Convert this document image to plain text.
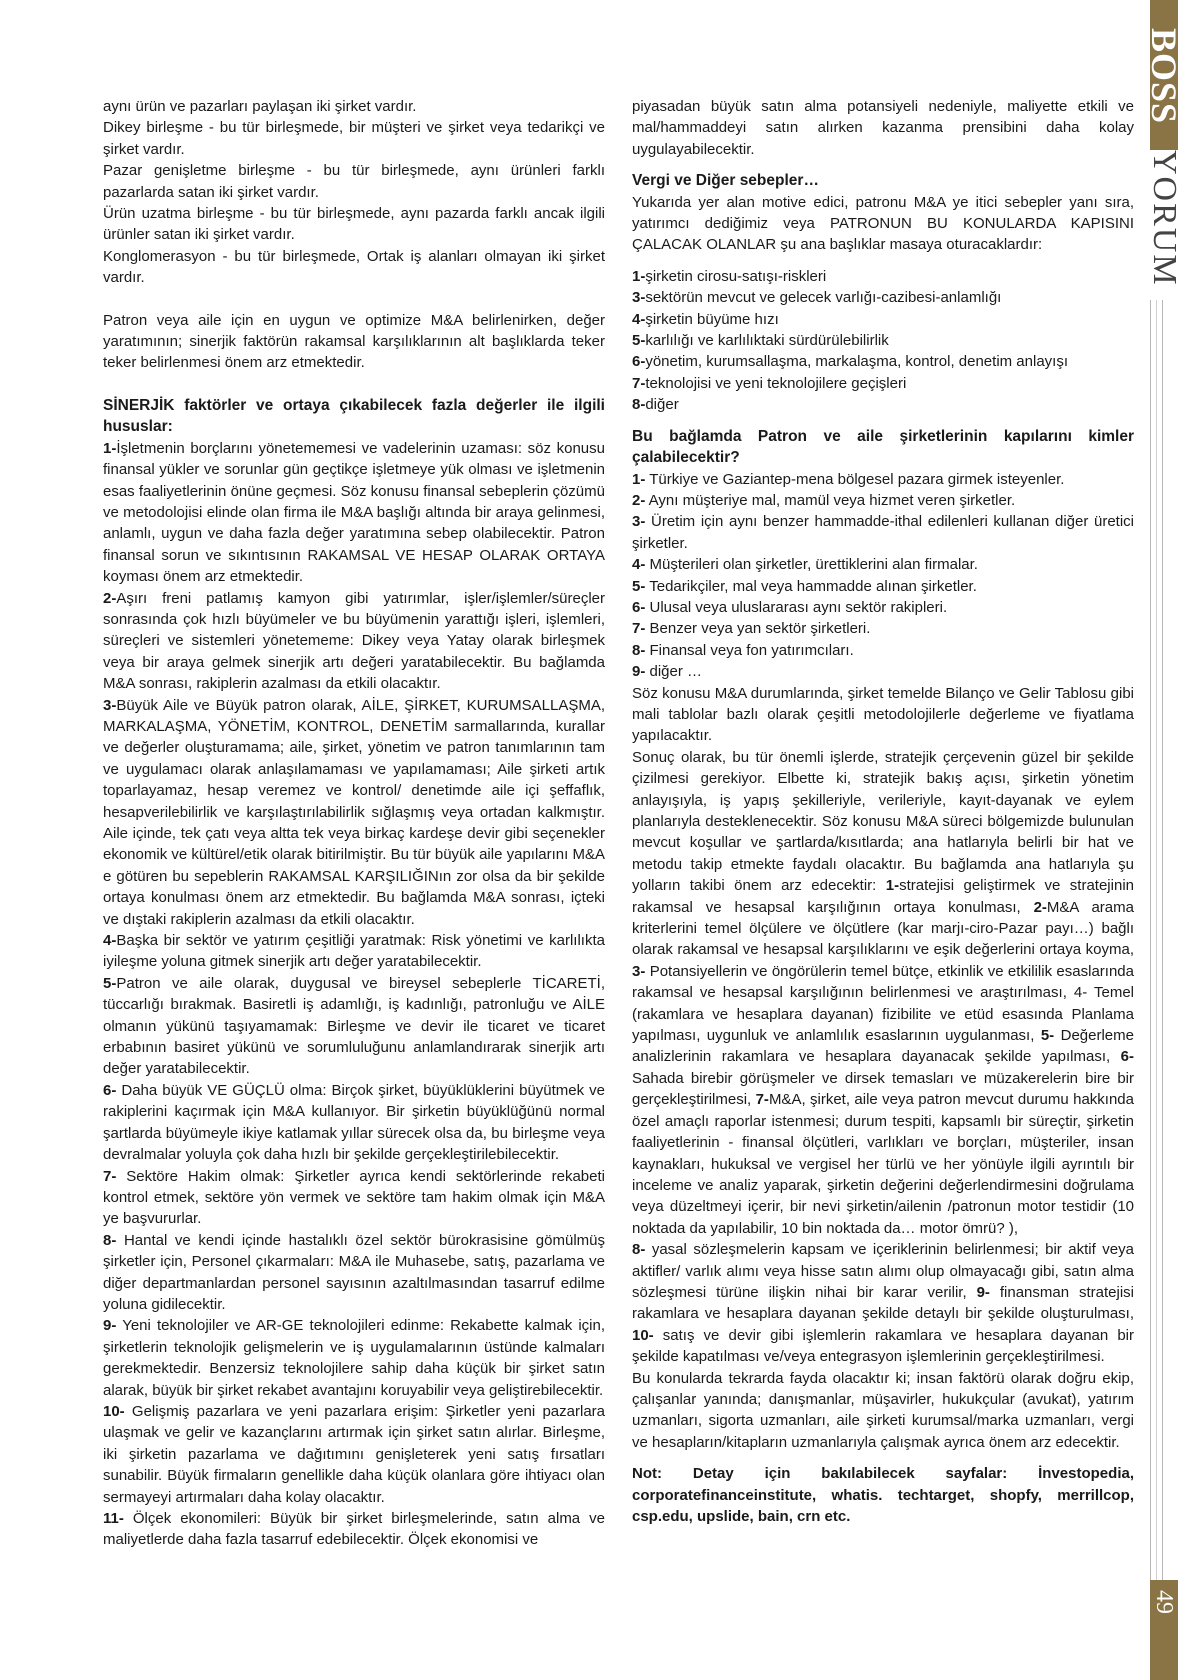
aynı ürün ve pazarları paylaşan iki şirket vardır.

Dikey birleşme - bu tür birleşmede, bir müşteri ve şirket veya tedarikçi ve şirket vardır.

Pazar genişletme birleşme - bu tür birleşmede, aynı ürünleri farklı pazarlarda satan iki şirket vardır.

Ürün uzatma birleşme - bu tür birleşmede, aynı pazarda farklı ancak ilgili ürünler satan iki şirket vardır.

Konglomerasyon - bu tür birleşmede, Ortak iş alanları olmayan iki şirket vardır.

Patron veya aile için en uygun ve optimize M&A belirlenirken, değer yaratımının; sinerjik faktörün rakamsal karşılıklarının alt başlıklarda teker teker belirlenmesi önem arz etmektedir.

SİNERJİK faktörler ve ortaya çıkabilecek fazla değerler ile ilgili hususlar:

1-İşletmenin borçlarını yönetememesi ve vadelerinin uzaması: söz konusu finansal yükler ve sorunlar gün geçtikçe işletmeye yük olması ve işletmenin esas faaliyetlerinin önüne geçmesi. Söz konusu finansal sebeplerin çözümü ve metodolojisi elinde olan firma ile M&A başlığı altında bir araya gelinmesi, anlamlı, uygun ve daha fazla değer yaratımına sebep olabilecektir. Patron finansal sorun ve sıkıntısının RAKAMSAL VE HESAP OLARAK ORTAYA koyması önem arz etmektedir.

2-Aşırı freni patlamış kamyon gibi yatırımlar, işler/işlemler/süreçler sonrasında çok hızlı büyümeler ve bu büyümenin yarattığı işleri, işlemleri, süreçleri ve sistemleri yönetememe: Dikey veya Yatay olarak birleşmek veya bir araya gelmek sinerjik artı değeri yaratabilecektir. Bu bağlamda M&A sonrası, rakiplerin azalması da etkili olacaktır.

3-Büyük Aile ve Büyük patron olarak, AİLE, ŞİRKET, KURUMSALLAŞMA, MARKALAŞMA, YÖNETİM, KONTROL, DENETİM sarmallarında, kurallar ve değerler oluşturamama; aile, şirket, yönetim ve patron tanımlarının tam ve uygulamacı olarak anlaşılamaması ve yapılamaması; Aile şirketi artık toparlayamaz, hesap veremez ve kontrol/ denetimde aile içi şeffaflık, hesapverilebilirlik ve karşılaştırılabilirlik sığlaşmış veya ortadan kalkmıştır. Aile içinde, tek çatı veya altta tek veya birkaç kardeşe devir gibi seçenekler ekonomik ve kültürel/etik olarak bitirilmiştir. Bu tür büyük aile yapılarını M&A e götüren bu sepeblerin RAKAMSAL KARŞILIĞINın zor olsa da bir şekilde ortaya konulması önem arz etmektedir. Bu bağlamda M&A sonrası, içteki ve dıştaki rakiplerin azalması da etkili olacaktır.

4-Başka bir sektör ve yatırım çeşitliği yaratmak: Risk yönetimi ve karlılıkta iyileşme yoluna gitmek sinerjik artı değer yaratabilecektir.

5-Patron ve aile olarak, duygusal ve bireysel sebeplerle TİCARETİ, tüccarlığı bırakmak. Basiretli iş adamlığı, iş kadınlığı, patronluğu ve AİLE olmanın yükünü taşıyamamak: Birleşme ve devir ile ticaret ve ticaret erbabının basiret yükünü ve sorumluluğunu anlamlandırarak sinerjik artı değer yaratabilecektir.

6- Daha büyük VE GÜÇLÜ olma: Birçok şirket, büyüklüklerini büyütmek ve rakiplerini kaçırmak için M&A kullanıyor. Bir şirketin büyüklüğünü normal şartlarda büyümeyle ikiye katlamak yıllar sürecek olsa da, bu birleşme veya devralmalar yoluyla çok daha hızlı bir şekilde gerçekleştirilebilecektir.

7- Sektöre Hakim olmak: Şirketler ayrıca kendi sektörlerinde rekabeti kontrol etmek, sektöre yön vermek ve sektöre tam hakim olmak için M&A ye başvururlar.

8- Hantal ve kendi içinde hastalıklı özel sektör bürokrasisine gömülmüş şirketler için, Personel çıkarmaları: M&A ile Muhasebe, satış, pazarlama ve diğer departmanlardan personel sayısının azaltılmasından tasarruf edilme yoluna gidilecektir.

9- Yeni teknolojiler ve AR-GE teknolojileri edinme: Rekabette kalmak için, şirketlerin teknolojik gelişmelerin ve iş uygulamalarının üstünde kalmaları gerekmektedir. Benzersiz teknolojilere sahip daha küçük bir şirket satın alarak, büyük bir şirket rekabet avantajını koruyabilir veya geliştirebilecektir.

10- Gelişmiş pazarlara ve yeni pazarlara erişim: Şirketler yeni pazarlara ulaşmak ve gelir ve kazançlarını artırmak için şirket satın alırlar. Birleşme, iki şirketin pazarlama ve dağıtımını genişleterek yeni satış fırsatları sunabilir. Büyük firmaların genellikle daha küçük olanlara göre ihtiyacı olan sermayeyi artırmaları daha kolay olacaktır.

11- Ölçek ekonomileri: Büyük bir şirket birleşmelerinde, satın alma ve maliyetlerde daha fazla tasarruf edebilecektir. Ölçek ekonomisi ve

piyasadan büyük satın alma potansiyeli nedeniyle, maliyette etkili ve mal/hammaddeyi satın alırken kazanma prensibini daha kolay uygulayabilecektir.

Vergi ve Diğer sebepler…

Yukarıda yer alan motive edici, patronu M&A ye itici sebepler yanı sıra, yatırımcı dediğimiz veya PATRONUN BU KONULARDA KAPISINI ÇALACAK OLANLAR şu ana başlıklar masaya oturacaklardır:

1-şirketin cirosu-satışı-riskleri

3-sektörün mevcut ve gelecek varlığı-cazibesi-anlamlığı

4-şirketin büyüme hızı

5-karlılığı ve karlılıktaki sürdürülebilirlik

6-yönetim, kurumsallaşma, markalaşma, kontrol, denetim anlayışı

7-teknolojisi ve yeni teknolojilere geçişleri

8-diğer

Bu bağlamda Patron ve aile şirketlerinin kapılarını kimler çalabilecektir?

1- Türkiye ve Gaziantep-mena bölgesel pazara girmek isteyenler.

2- Aynı müşteriye mal, mamül veya hizmet veren şirketler.

3- Üretim için aynı benzer hammadde-ithal edilenleri kullanan diğer üretici şirketler.

4- Müşterileri olan şirketler, ürettiklerini alan firmalar.

5- Tedarikçiler, mal veya hammadde alınan şirketler.

6- Ulusal veya uluslararası aynı sektör rakipleri.

7- Benzer veya yan sektör şirketleri.

8- Finansal veya fon yatırımcıları.

9- diğer …

Söz konusu M&A durumlarında, şirket temelde Bilanço ve Gelir Tablosu gibi mali tablolar bazlı olarak çeşitli metodolojilerle değerleme ve fiyatlama yapılacaktır.

Sonuç olarak, bu tür önemli işlerde, stratejik çerçevenin güzel bir şekilde çizilmesi gerekiyor. Elbette ki, stratejik bakış açısı, şirketin yönetim anlayışıyla, iş yapış şekilleriyle, verileriyle, kayıt-dayanak ve eylem planlarıyla desteklenecektir. Söz konusu M&A süreci bölgemizde bulunulan mevcut koşullar ve şartlarda/kısıtlarda; ana hatlarıyla belirli bir hat ve metodu takip etmekte faydalı olacaktır. Bu bağlamda ana hatlarıyla şu yolların takibi önem arz edecektir: 1-stratejisi geliştirmek ve stratejinin rakamsal ve hesapsal karşılığının ortaya konulması, 2-M&A arama kriterlerini temel ölçülere ve ölçütlere (kar marjı-ciro-Pazar payı…) bağlı olarak rakamsal ve hesapsal karşılıklarını ve eşik değerlerini ortaya koyma, 3- Potansiyellerin ve öngörülerin temel bütçe, etkinlik ve etkililik esaslarında rakamsal ve hesapsal karşılığının belirlenmesi ve araştırılması, 4- Temel (rakamlara ve hesaplara dayanan) fizibilite ve etüd esasında Planlama yapılması, uygunluk ve anlamlılık esaslarının uygulanması, 5- Değerleme analizlerinin rakamlara ve hesaplara dayanacak şekilde yapılması, 6- Sahada birebir görüşmeler ve dirsek temasları ve müzakerelerin bire bir gerçekleştirilmesi, 7-M&A, şirket, aile veya patron mevcut durumu hakkında özel amaçlı raporlar istenmesi; durum tespiti, kapsamlı bir süreçtir, şirketin faaliyetlerinin - finansal ölçütleri, varlıkları ve borçları, müşteriler, insan kaynakları, hukuksal ve vergisel her türlü ve her yönüyle ilgili ayrıntılı bir inceleme ve analiz yaparak, şirketin değerini değerlendirmesini doğrulama veya düzeltmeyi içerir, bir nevi şirketin/ailenin /patronun motor testidir (10 noktada da yapılabilir, 10 bin noktada da… motor ömrü? ),
8- yasal sözleşmelerin kapsam ve içeriklerinin belirlenmesi; bir aktif veya aktifler/ varlık alımı veya hisse satın alımı olup olmayacağı gibi, satın alma sözleşmesi türüne ilişkin nihai bir karar verilir, 9- finansman stratejisi rakamlara ve hesaplara dayanan şekilde detaylı bir şekilde oluşturulması, 10- satış ve devir gibi işlemlerin rakamlara ve hesaplara dayanan bir şekilde kapatılması ve/veya entegrasyon işlemlerinin gerçekleştirilmesi.

Bu konularda tekrarda fayda olacaktır ki; insan faktörü olarak doğru ekip, çalışanlar yanında; danışmanlar, müşavirler, hukukçular (avukat), yatırım uzmanları, sigorta uzmanları, aile şirketi kurumsal/marka uzmanları, vergi ve hesapların/kitapların uzmanlarıyla çalışmak ayrıca önem arz edecektir.

Not: Detay için bakılabilecek sayfalar: İnvestopedia, corporatefinanceinstitute, whatis. techtarget, shopfy, merrillcop, csp.edu, upslide, bain, crn etc.

BOSS
YORUM
49
